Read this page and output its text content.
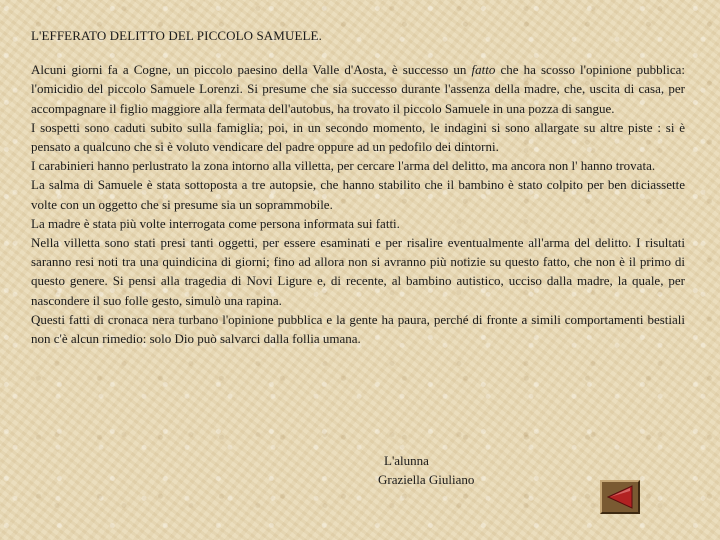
L'EFFERATO DELITTO DEL PICCOLO SAMUELE.

Alcuni giorni fa a Cogne, un piccolo paesino della Valle d'Aosta, è successo un fatto che ha scosso l'opinione pubblica: l'omicidio del piccolo Samuele Lorenzi. Si presume che sia successo durante l'assenza della madre, che, uscita di casa, per accompagnare il figlio maggiore alla fermata dell'autobus, ha trovato il piccolo Samuele in una pozza di sangue.

I sospetti sono caduti subito sulla famiglia; poi, in un secondo momento, le indagini si sono allargate su altre piste : si è pensato a qualcuno che si è voluto vendicare del padre oppure ad un pedofilo dei dintorni.

I carabinieri hanno perlustrato la zona intorno alla villetta, per cercare l'arma del delitto, ma ancora non l' hanno trovata.

La salma di Samuele è stata sottoposta a tre autopsie, che hanno stabilito che il bambino è stato colpito per ben diciassette volte con un oggetto che si presume sia un soprammobile.

La madre è stata più volte interrogata come persona informata sui fatti.

Nella villetta sono stati presi tanti oggetti, per essere esaminati e per risalire eventualmente all'arma del delitto. I risultati saranno resi noti tra una quindicina di giorni; fino ad allora non si avranno più notizie su questo fatto, che non è il primo di questo genere. Si pensi alla tragedia di Novi Ligure e, di recente, al bambino autistico, ucciso dalla madre, la quale, per nascondere il suo folle gesto, simulò una rapina.

Questi fatti di cronaca nera turbano l'opinione pubblica e la gente ha paura, perché di fronte a simili comportamenti bestiali non c'è alcun rimedio: solo Dio può salvarci dalla follia umana.

L'alunna
Graziella Giuliano
